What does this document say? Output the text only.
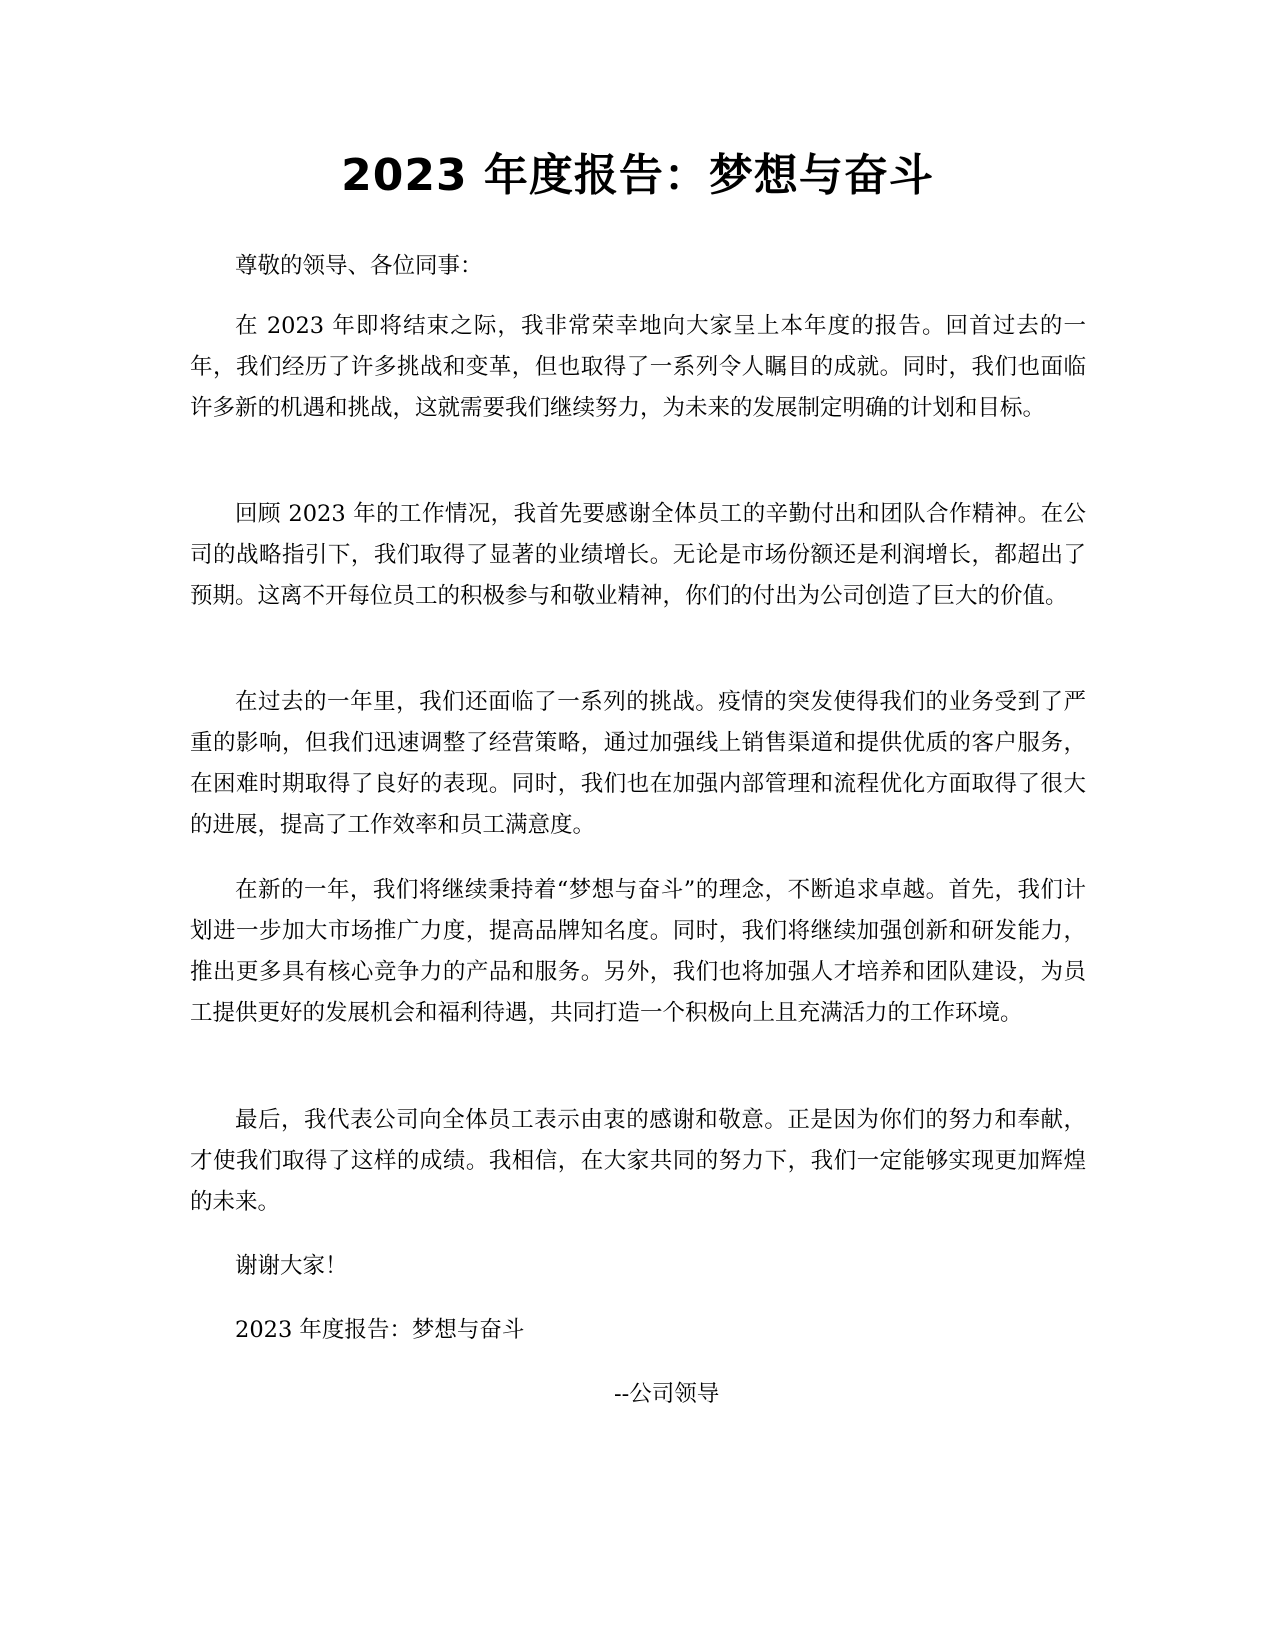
2023 年度报告：梦想与奋斗
尊敬的领导、各位同事：
在 2023 年即将结束之际，我非常荣幸地向大家呈上本年度的报告。回首过去的一年，我们经历了许多挑战和变革，但也取得了一系列令人瞩目的成就。同时，我们也面临许多新的机遇和挑战，这就需要我们继续努力，为未来的发展制定明确的计划和目标。
回顾 2023 年的工作情况，我首先要感谢全体员工的辛勤付出和团队合作精神。在公司的战略指引下，我们取得了显著的业绩增长。无论是市场份额还是利润增长，都超出了预期。这离不开每位员工的积极参与和敬业精神，你们的付出为公司创造了巨大的价值。
在过去的一年里，我们还面临了一系列的挑战。疫情的突发使得我们的业务受到了严重的影响，但我们迅速调整了经营策略，通过加强线上销售渠道和提供优质的客户服务，在困难时期取得了良好的表现。同时，我们也在加强内部管理和流程优化方面取得了很大的进展，提高了工作效率和员工满意度。
在新的一年，我们将继续秉持着“梦想与奋斗”的理念，不断追求卓越。首先，我们计划进一步加大市场推广力度，提高品牌知名度。同时，我们将继续加强创新和研发能力，推出更多具有核心竞争力的产品和服务。另外，我们也将加强人才培养和团队建设，为员工提供更好的发展机会和福利待遇，共同打造一个积极向上且充满活力的工作环境。
最后，我代表公司向全体员工表示由衷的感谢和敬意。正是因为你们的努力和奉献，才使我们取得了这样的成绩。我相信，在大家共同的努力下，我们一定能够实现更加辉煌的未来。
谢谢大家！
2023 年度报告：梦想与奋斗
--公司领导
